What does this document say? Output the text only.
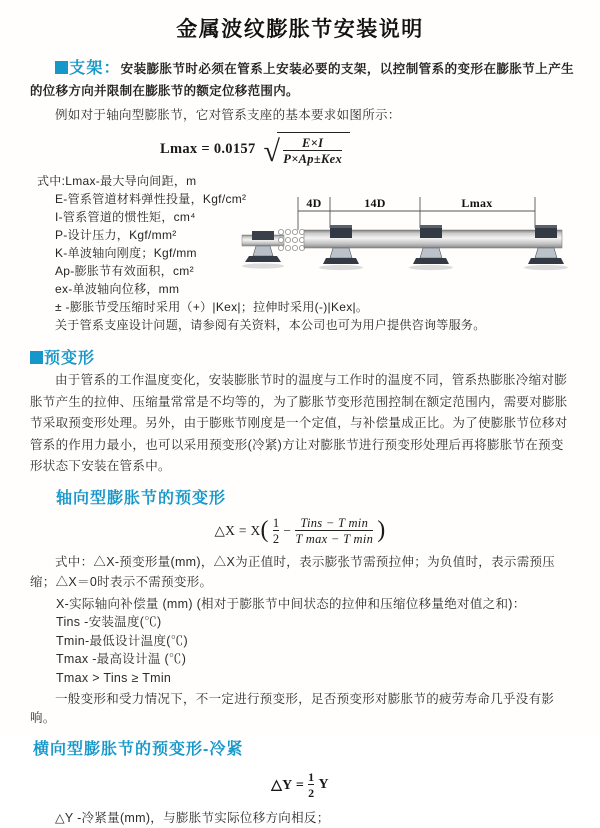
金属波纹膨胀节安装说明

支架：安装膨胀节时必须在管系上安装必要的支架，以控制管系的变形在膨胀节上产生的位移方向并限制在膨胀节的额定位移范围内。

例如对于轴向型膨胀节，它对管系支座的基本要求如图所示：

Lmax = 0.0157 √ $\frac{E\times I}{\text{P×Ap±Kex}}$
式中:Lmax-最大导向间距，m
E-管系管道材料弹性投量，Kgf/cm²
I-管系管道的惯性矩，cm⁴
P-设计压力，Kgf/mm²
K-单波轴向刚度；Kgf/mm
Ap-膨胀节有效面积，cm²
ex-单波轴向位移，mm
± -膨胀节受压缩时采用（+）|Kex|；拉伸时采用(-)|Kex|。
关于管系支座设计问题，请参阅有关资料，本公司也可为用户提供咨询等服务。
4D	14D	Lmax
预变形

由于管系的工作温度变化，安装膨胀节时的温度与工作时的温度不同，管系热膨胀冷缩对膨胀节产生的拉伸、压缩量常常是不均等的，为了膨胀节变形范围控制在额定范围内，需要对膨胀节采取预变形处理。另外，由于膨账节刚度是一个定值，与补偿量成正比。为了使膨胀节位移对管系的作用力最小，也可以采用预变形(冷紧)方让对膨胀节进行预变形处理后再将膨胀节在预变形状态下安装在管系中。

轴向型膨胀节的预变形
△X = X ( $\frac{1}{2}$ − Tins − T min
T max − T min )

式中：△X-预变形量(mm)，△X为正值时，表示膨张节需预拉伸；为负值时，表示需预压缩；△X＝0时表示不需预变形。

X-实际轴向补偿量 (mm) (相对于膨胀节中间状态的拉伸和压缩位移量绝对值之和)：
Tins -安装温度(℃)
Tmin-最低设计温度(℃)
Tmax -最高设计温 (℃)
Tmax > Tins ≥ Tmin

一般变形和受力情况下，不一定进行预变形，足否预变形对膨胀节的疲劳寿命几乎没有影响。

横向型膨胀节的预变形-冷紧
△Y = $\frac{1}{2}$ Y

△Y -冷紧量(mm)，与膨胀节实际位移方向相反；
